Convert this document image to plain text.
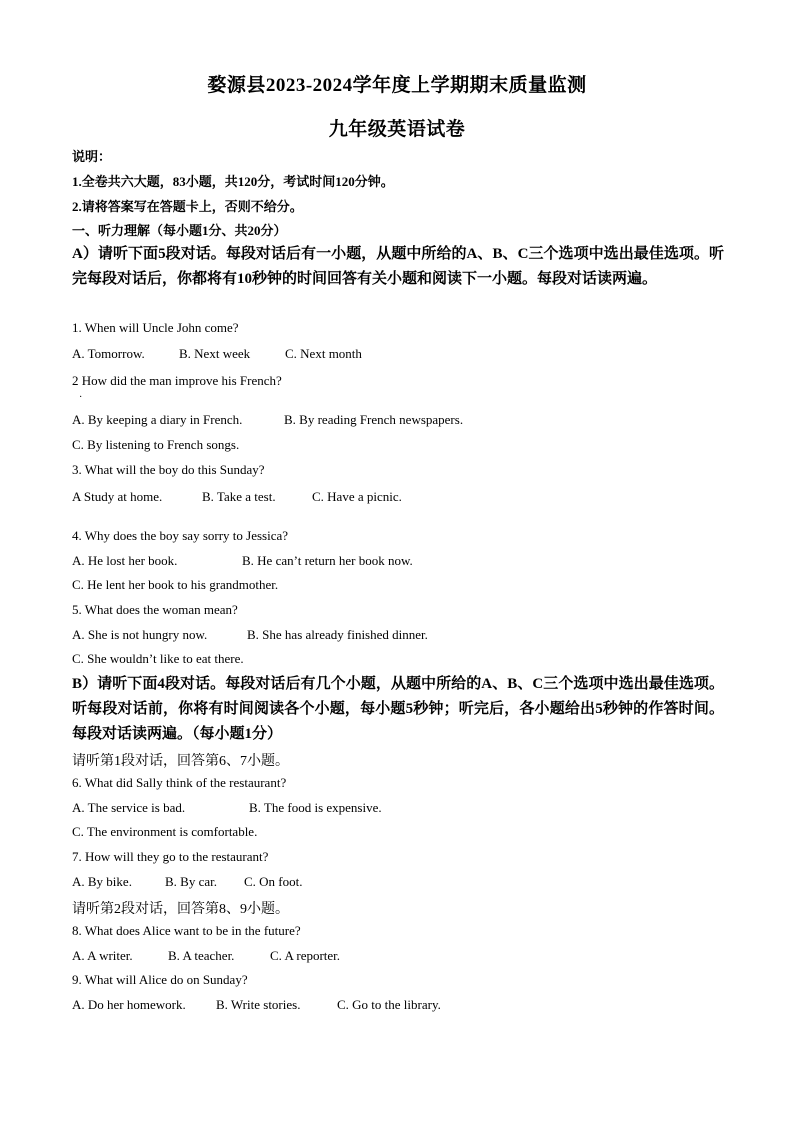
婺源县2023-2024学年度上学期期末质量监测
九年级英语试卷
说明：
1.全卷共六大题，83小题，共120分，考试时间120分钟。
2.请将答案写在答题卡上，否则不给分。
一、听力理解（每小题1分、共20分）
A）请听下面5段对话。每段对话后有一小题，从题中所给的A、B、C三个选项中选出最佳选项。听完每段对话后，你都将有10秒钟的时间回答有关小题和阅读下一小题。每段对话读两遍。
1. When will Uncle John come?
A. Tomorrow.	B. Next week	C. Next month
2 How did the man improve his French?
·
A. By keeping a diary in French.	B. By reading French newspapers.
C. By listening to French songs.
3. What will the boy do this Sunday?
A Study at home.	B. Take a test.	C. Have a picnic.
4. Why does the boy say sorry to Jessica?
A. He lost her book.	B. He can’t return her book now.
C. He lent her book to his grandmother.
5. What does the woman mean?
A. She is not hungry now.	B. She has already finished dinner.
C. She wouldn’t like to eat there.
B）请听下面4段对话。每段对话后有几个小题，从题中所给的A、B、C三个选项中选出最佳选项。听每段对话前，你将有时间阅读各个小题，每小题5秒钟；听完后，各小题给出5秒钟的作答时间。每段对话读两遍。（每小题1分）
请听第1段对话，回答第6、7小题。
6. What did Sally think of the restaurant?
A. The service is bad.	B. The food is expensive.
C. The environment is comfortable.
7. How will they go to the restaurant?
A. By bike.	B. By car. C. On foot.
请听第2段对话，回答第8、9小题。
8. What does Alice want to be in the future?
A. A writer.	B. A teacher.	C. A reporter.
9. What will Alice do on Sunday?
A. Do her homework. B. Write stories.	C. Go to the library.
